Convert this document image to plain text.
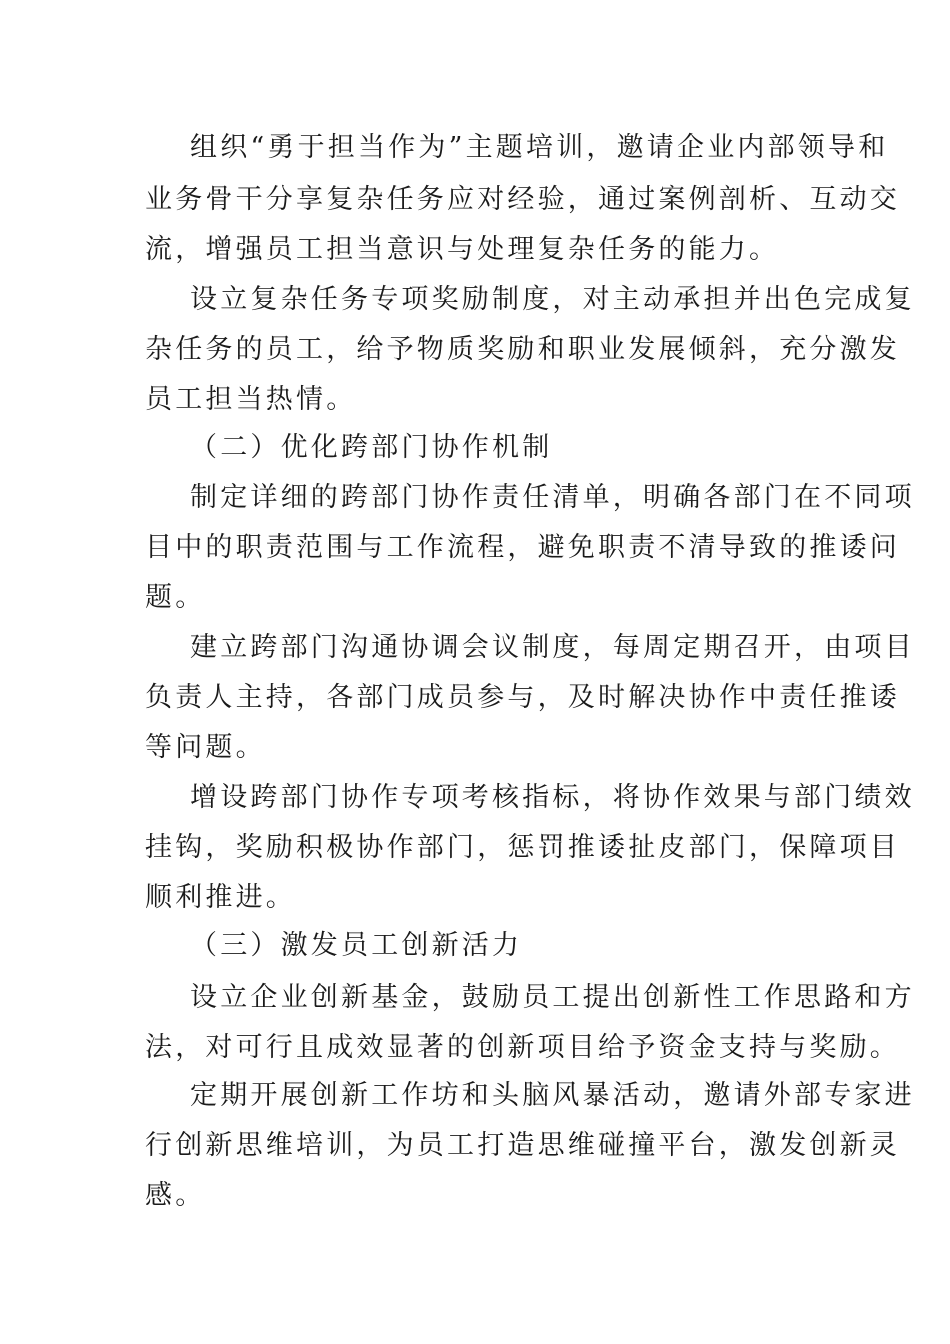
组织“勇于担当作为”主题培训，邀请企业内部领导和
业务骨干分享复杂任务应对经验，通过案例剖析、互动交
流，增强员工担当意识与处理复杂任务的能力。
设立复杂任务专项奖励制度，对主动承担并出色完成复
杂任务的员工，给予物质奖励和职业发展倾斜，充分激发
员工担当热情。
（二）优化跨部门协作机制
制定详细的跨部门协作责任清单，明确各部门在不同项
目中的职责范围与工作流程，避免职责不清导致的推诿问
题。
建立跨部门沟通协调会议制度，每周定期召开，由项目
负责人主持，各部门成员参与，及时解决协作中责任推诿
等问题。
增设跨部门协作专项考核指标，将协作效果与部门绩效
挂钩，奖励积极协作部门，惩罚推诿扯皮部门，保障项目
顺利推进。
（三）激发员工创新活力
设立企业创新基金，鼓励员工提出创新性工作思路和方
法，对可行且成效显著的创新项目给予资金支持与奖励。
定期开展创新工作坊和头脑风暴活动，邀请外部专家进
行创新思维培训，为员工打造思维碰撞平台，激发创新灵
感。
